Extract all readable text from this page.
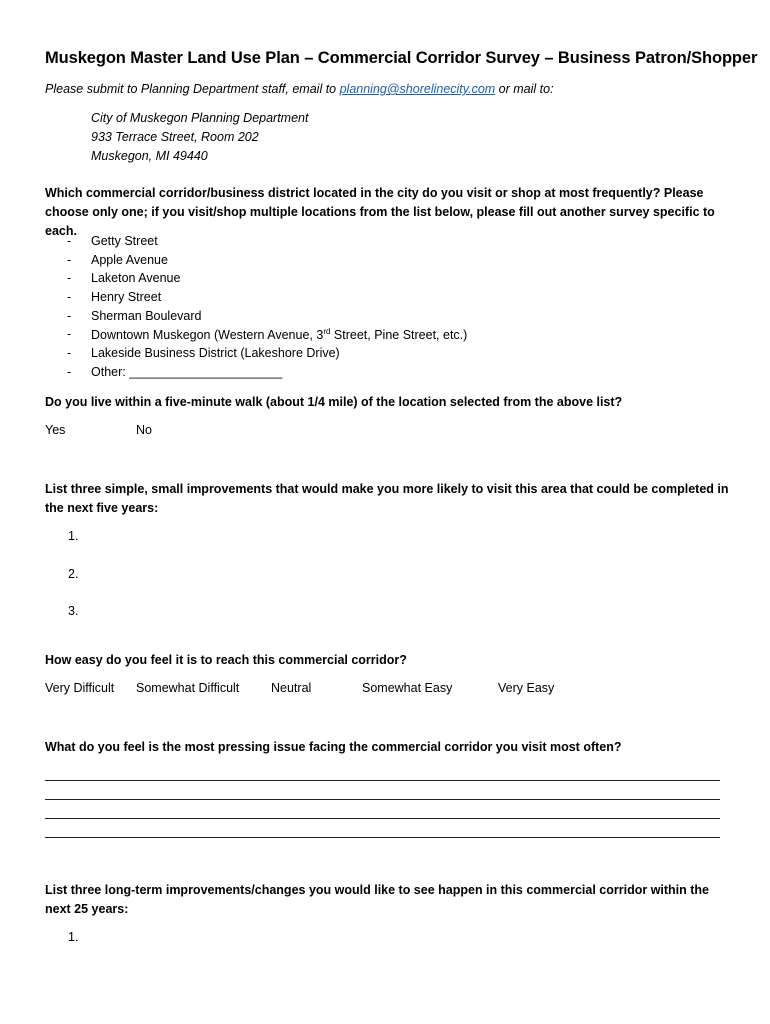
Muskegon Master Land Use Plan – Commercial Corridor Survey – Business Patron/Shopper
Please submit to Planning Department staff, email to planning@shorelinecity.com or mail to:
City of Muskegon Planning Department
933 Terrace Street, Room 202
Muskegon, MI 49440
Which commercial corridor/business district located in the city do you visit or shop at most frequently? Please choose only one; if you visit/shop multiple locations from the list below, please fill out another survey specific to each.
- Getty Street
- Apple Avenue
- Laketon Avenue
- Henry Street
- Sherman Boulevard
- Downtown Muskegon (Western Avenue, 3rd Street, Pine Street, etc.)
- Lakeside Business District (Lakeshore Drive)
- Other: ______________________
Do you live within a five-minute walk (about 1/4 mile) of the location selected from the above list?
Yes	No
List three simple, small improvements that would make you more likely to visit this area that could be completed in the next five years:
1.
2.
3.
How easy do you feel it is to reach this commercial corridor?
Very Difficult Somewhat Difficult	Neutral	Somewhat Easy	Very Easy
What do you feel is the most pressing issue facing the commercial corridor you visit most often?
List three long-term improvements/changes you would like to see happen in this commercial corridor within the next 25 years:
1.
